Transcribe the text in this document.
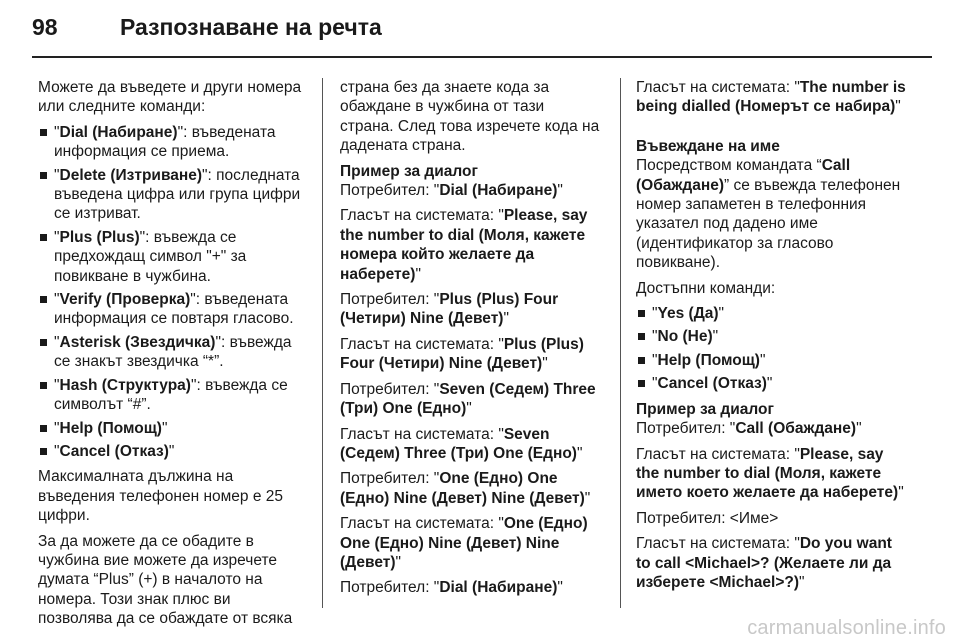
98	Разпознаване на речта

Можете да въведете и други номера или следните команди:

"Dial (Набиране)": въведената информация се приема.
"Delete (Изтриване)": последната въведена цифра или група цифри се изтриват.
"Plus (Plus)": въвежда се предхождащ символ "+" за повикване в чужбина.
"Verify (Проверка)": въведената информация се повтаря гласово.
"Asterisk (Звездичка)": въвежда се знакът звездичка “*”.
"Hash (Структура)": въвежда се символът “#”.
"Help (Помощ)"
"Cancel (Отказ)"

Максималната дължина на въведения телефонен номер е 25 цифри.

За да можете да се обадите в чужбина вие можете да изречете думата “Plus” (+) в началото на номера. Този знак плюс ви позволява да се обаждате от всяка

страна без да знаете кода за обаждане в чужбина от тази страна. След това изречете кода на дадената страна.

Пример за диалог

Потребител: "Dial (Набиране)"

Гласът на системата: "Please, say the number to dial (Моля, кажете номера който желаете да наберете)"

Потребител: "Plus (Plus) Four (Четири) Nine (Девет)"

Гласът на системата: "Plus (Plus) Four (Четири) Nine (Девет)"

Потребител: "Seven (Седем) Three (Три) One (Едно)"

Гласът на системата: "Seven (Седем) Three (Три) One (Едно)"

Потребител: "One (Едно) One (Едно) Nine (Девет) Nine (Девет)"

Гласът на системата: "One (Едно) One (Едно) Nine (Девет) Nine (Девет)"

Потребител: "Dial (Набиране)"

Гласът на системата: "The number is being dialled (Номерът се набира)"

Въвеждане на име

Посредством командата “Call (Обаждане)” се въвежда телефонен номер запаметен в телефонния указател под дадено име (идентификатор за гласово повикване).

Достъпни команди:

"Yes (Да)"
"No (Не)"
"Help (Помощ)"
"Cancel (Отказ)"

Пример за диалог

Потребител: "Call (Обаждане)"

Гласът на системата: "Please, say the number to dial (Моля, кажете името което желаете да наберете)"

Потребител: <Име>

Гласът на системата: "Do you want to call <Michael>? (Желаете ли да изберете <Michael>?)"

carmanualsonline.info
